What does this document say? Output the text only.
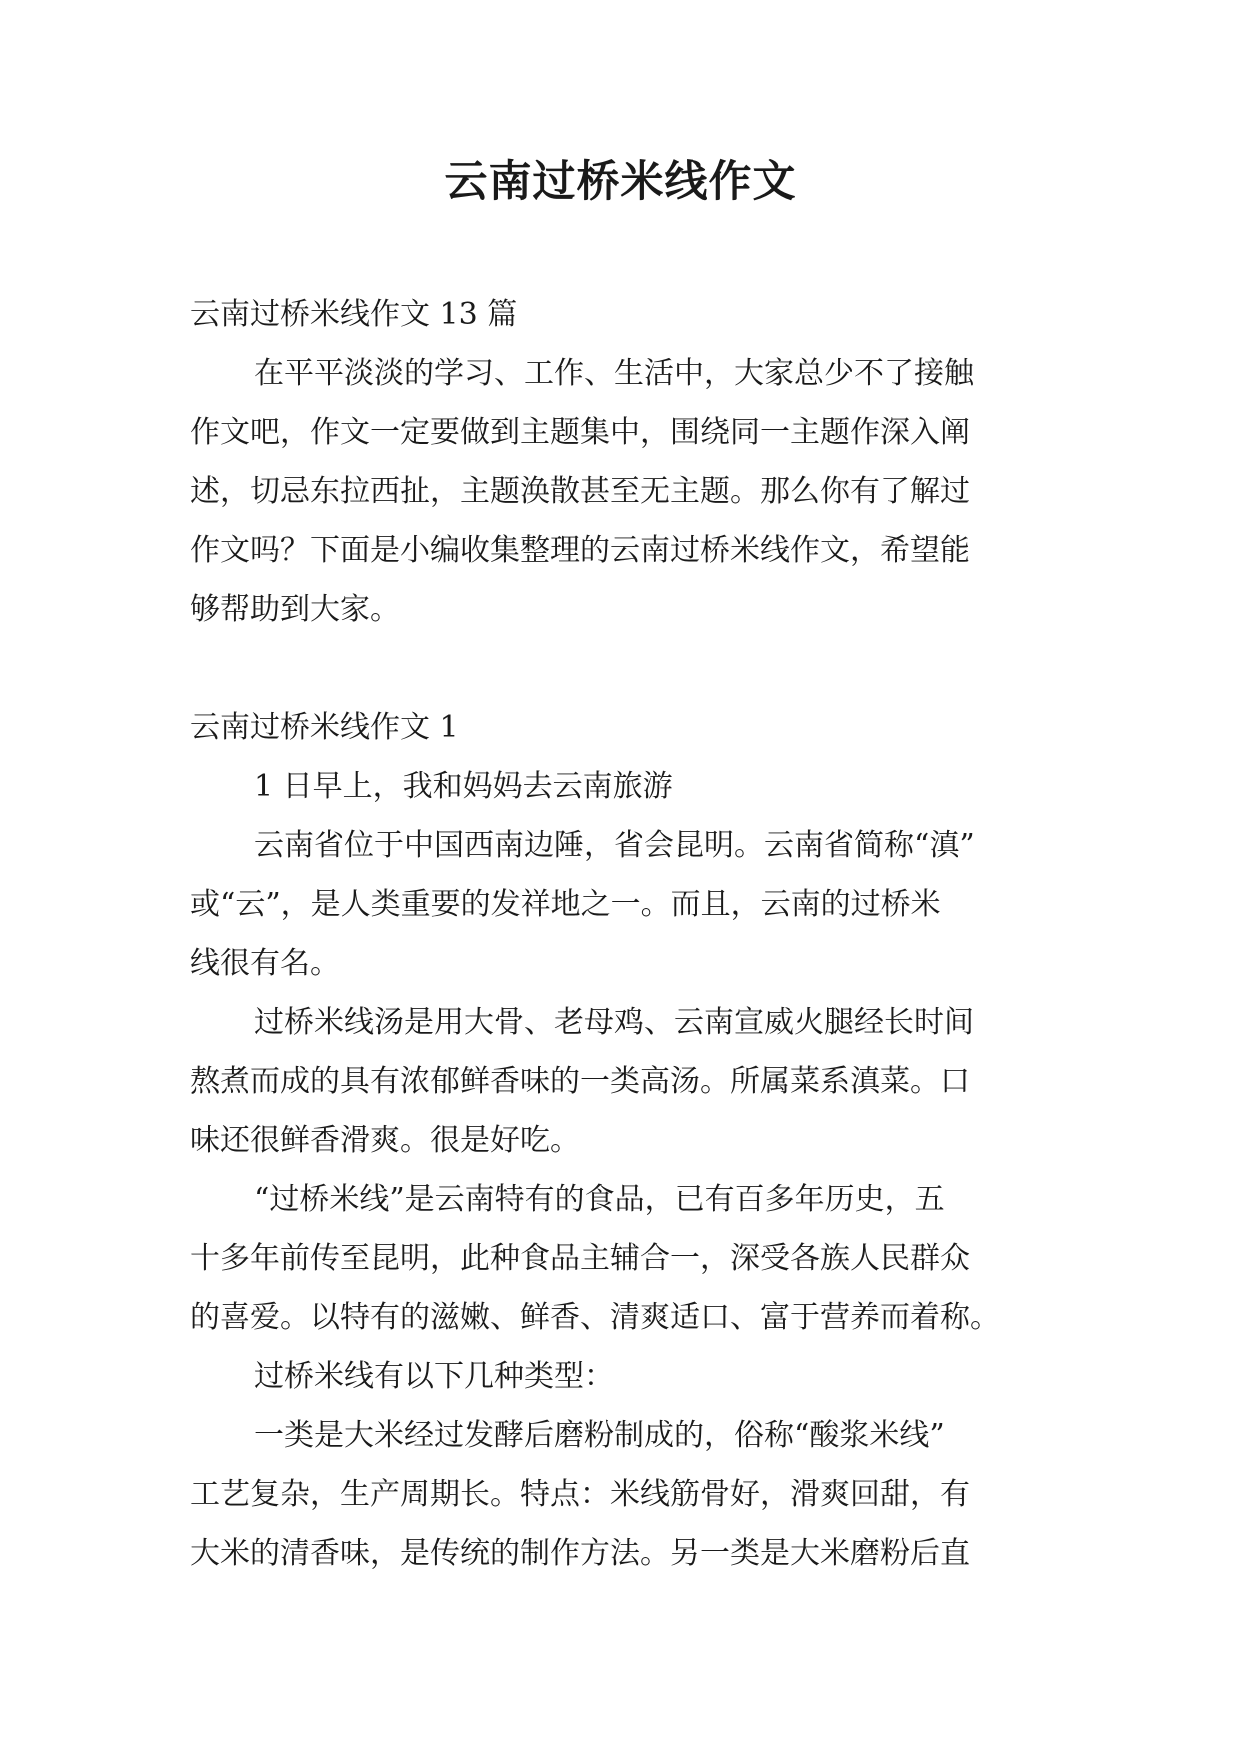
云南过桥米线作文

云南过桥米线作文 13 篇

在平平淡淡的学习、工作、生活中，大家总少不了接触

作文吧，作文一定要做到主题集中，围绕同一主题作深入阐

述，切忌东拉西扯，主题涣散甚至无主题。那么你有了解过

作文吗？下面是小编收集整理的云南过桥米线作文，希望能

够帮助到大家。

云南过桥米线作文 1

1 日早上，我和妈妈去云南旅游

云南省位于中国西南边陲，省会昆明。云南省简称“滇”

或“云”，是人类重要的发祥地之一。而且，云南的过桥米

线很有名。

过桥米线汤是用大骨、老母鸡、云南宣威火腿经长时间

熬煮而成的具有浓郁鲜香味的一类高汤。所属菜系滇菜。口

味还很鲜香滑爽。很是好吃。

“过桥米线”是云南特有的食品，已有百多年历史，五

十多年前传至昆明，此种食品主辅合一，深受各族人民群众

的喜爱。以特有的滋嫩、鲜香、清爽适口、富于营养而着称。

过桥米线有以下几种类型：

一类是大米经过发酵后磨粉制成的，俗称“酸浆米线”

工艺复杂，生产周期长。特点：米线筋骨好，滑爽回甜，有

大米的清香味，是传统的制作方法。另一类是大米磨粉后直
